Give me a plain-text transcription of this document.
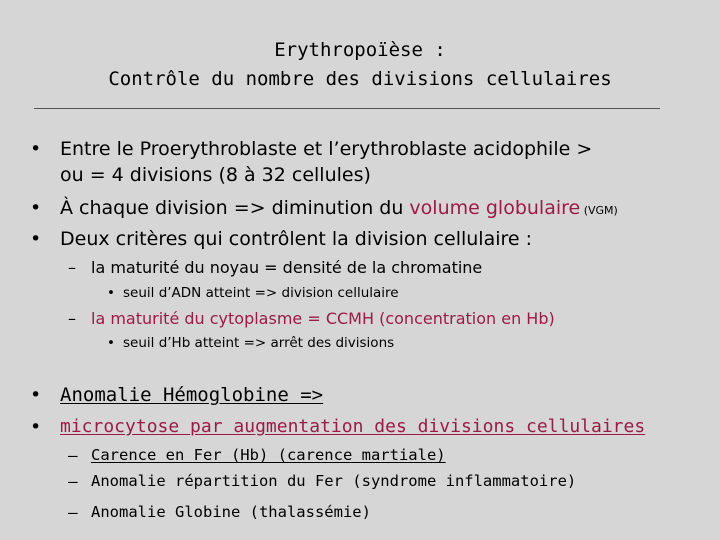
Erythropoïèse :
Contrôle du nombre des divisions cellulaires
• Entre le Proerythroblaste et l’erythroblaste acidophile >
ou = 4 divisions (8 à 32 cellules)
• À chaque division => diminution du volume globulaire (VGM)
• Deux critères qui contrôlent la division cellulaire :
– la maturité du noyau = densité de la chromatine
• seuil d’ADN atteint => division cellulaire
– la maturité du cytoplasme = CCMH (concentration en Hb)
• seuil d’Hb atteint => arrêt des divisions
• Anomalie Hémoglobine =>
• microcytose par augmentation des divisions cellulaires
– Carence en Fer (Hb) (carence martiale)
– Anomalie répartition du Fer (syndrome inflammatoire)
– Anomalie Globine (thalassémie)
